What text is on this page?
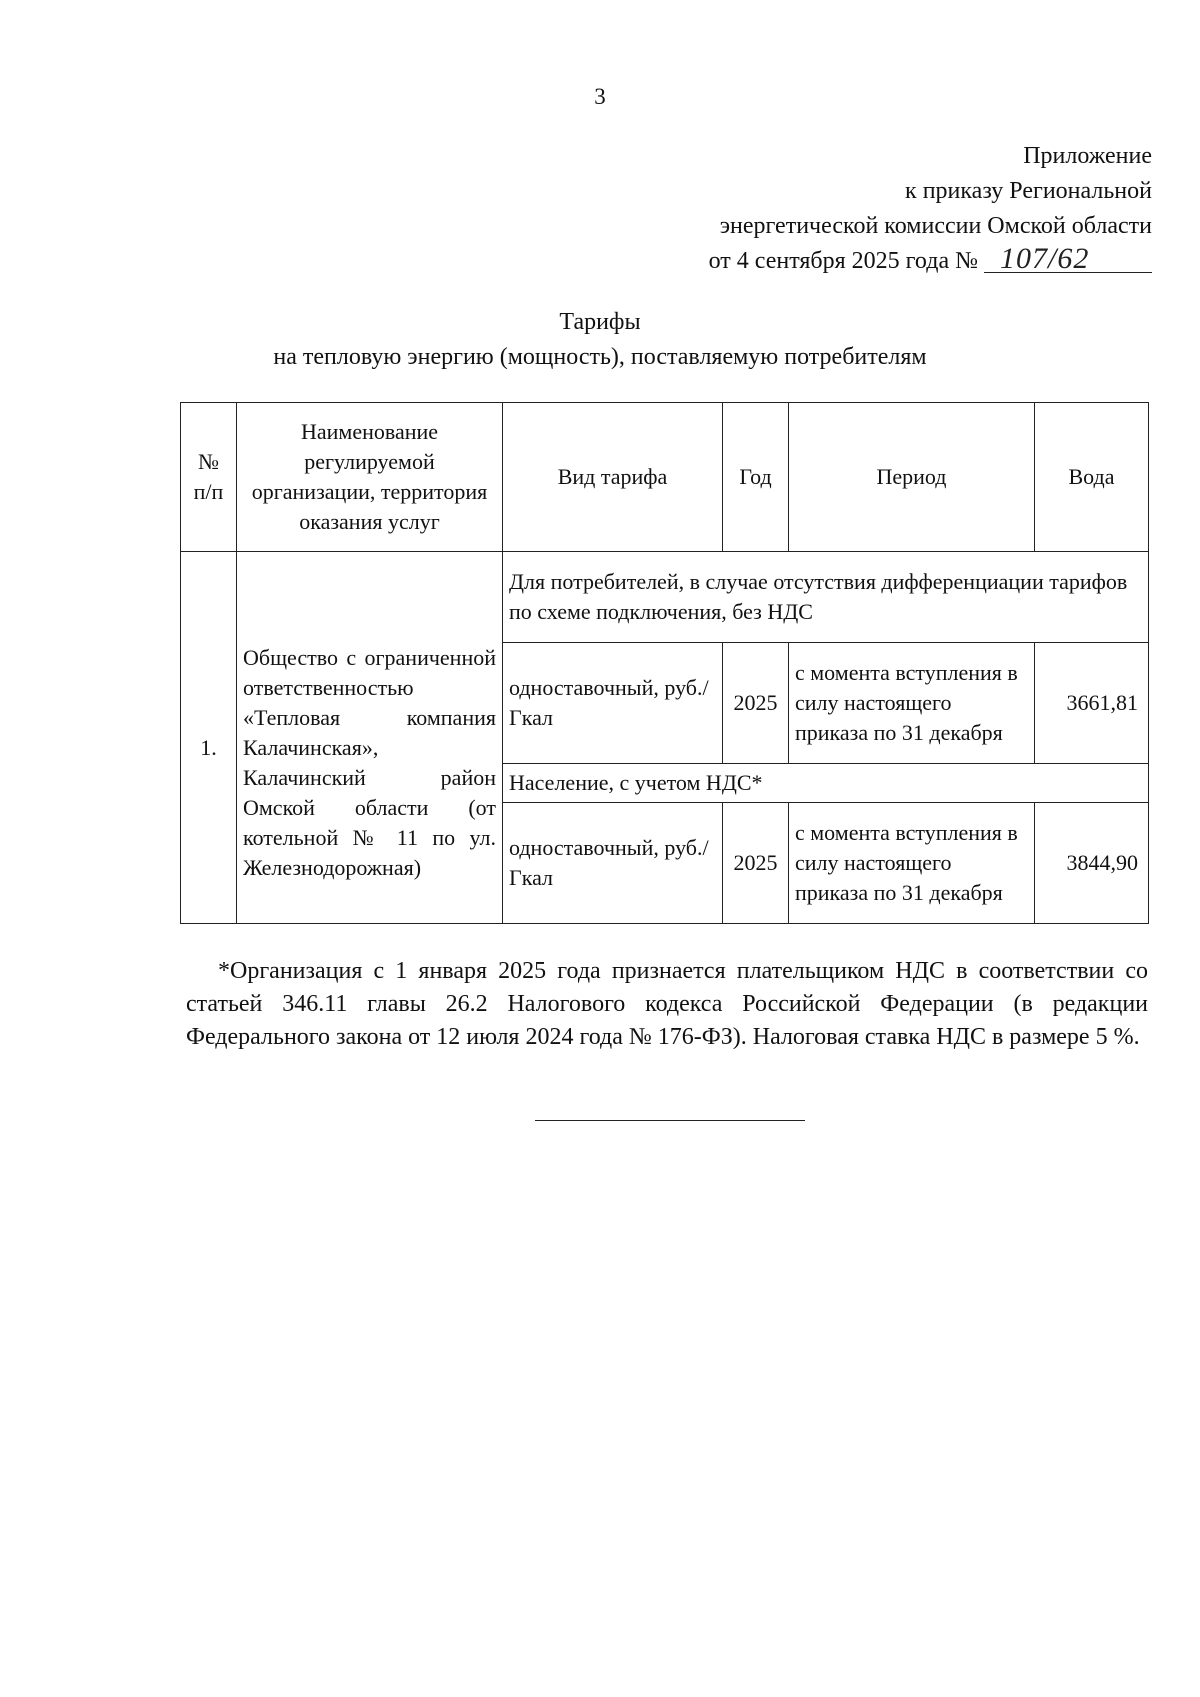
3
Приложение
к приказу Региональной
энергетической комиссии Омской области
от 4 сентября 2025 года № 107/62
Тарифы
на тепловую энергию (мощность), поставляемую потребителям
№ п/п	Наименование регулируемой организации, территория оказания услуг	Вид тарифа	Год	Период	Вода
1.	Общество с ограниченной ответственностью «Тепловая компания Калачинская», Калачинский район Омской области (от котельной № 11 по ул. Железнодорожная)	Для потребителей, в случае отсутствия дифференциации тарифов по схеме подключения, без НДС			
		одноставочный, руб./Гкал	2025	с момента вступления в силу настоящего приказа по 31 декабря	3661,81
		Население, с учетом НДС*			
		одноставочный, руб./Гкал	2025	с момента вступления в силу настоящего приказа по 31 декабря	3844,90

*Организация с 1 января 2025 года признается плательщиком НДС в соответствии со статьей 346.11 главы 26.2 Налогового кодекса Российской Федерации (в редакции Федерального закона от 12 июля 2024 года № 176-ФЗ). Налоговая ставка НДС в размере 5 %.
